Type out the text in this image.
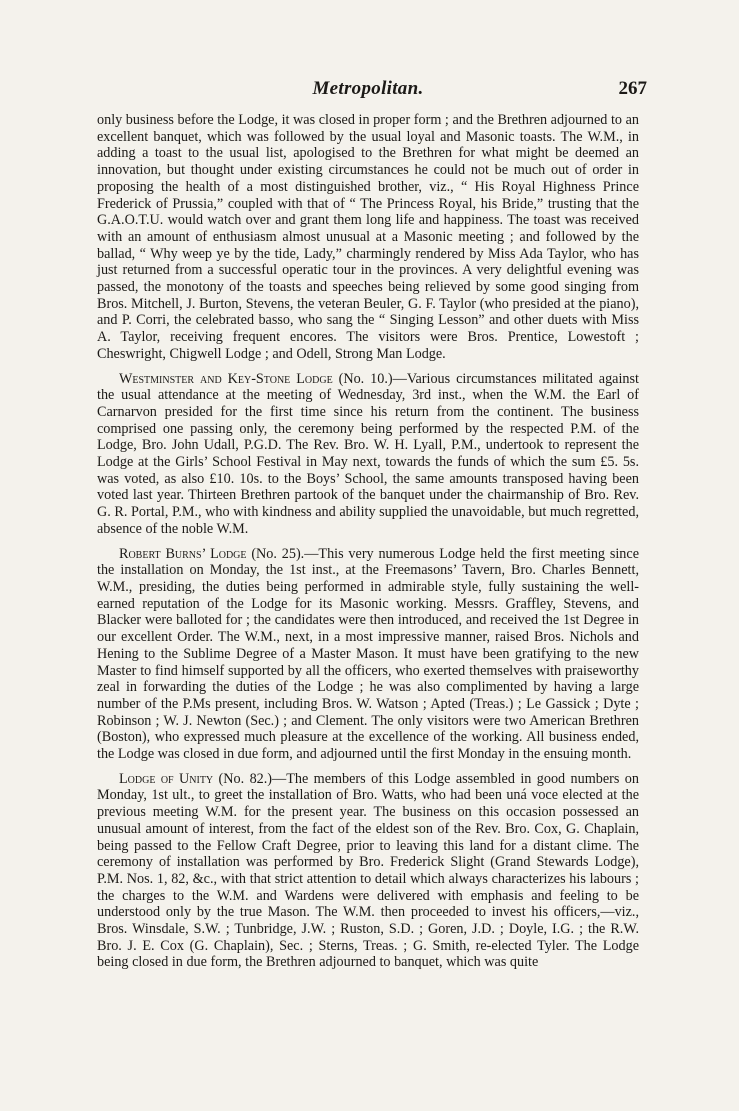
Metropolitan.	267

only business before the Lodge, it was closed in proper form ; and the Brethren adjourned to an excellent banquet, which was followed by the usual loyal and Masonic toasts. The W.M., in adding a toast to the usual list, apologised to the Brethren for what might be deemed an innovation, but thought under existing circumstances he could not be much out of order in proposing the health of a most distinguished brother, viz., “ His Royal Highness Prince Frederick of Prussia,” coupled with that of “ The Princess Royal, his Bride,” trusting that the G.A.O.T.U. would watch over and grant them long life and happiness. The toast was received with an amount of enthusiasm almost unusual at a Masonic meeting ; and followed by the ballad, “ Why weep ye by the tide, Lady,” charmingly rendered by Miss Ada Taylor, who has just returned from a successful operatic tour in the provinces. A very delightful evening was passed, the monotony of the toasts and speeches being relieved by some good singing from Bros. Mitchell, J. Burton, Stevens, the veteran Beuler, G. F. Taylor (who presided at the piano), and P. Corri, the celebrated basso, who sang the “ Singing Lesson” and other duets with Miss A. Taylor, receiving frequent encores. The visitors were Bros. Prentice, Lowestoft ; Cheswright, Chigwell Lodge ; and Odell, Strong Man Lodge.

Westminster and Key-Stone Lodge (No. 10.)—Various circumstances militated against the usual attendance at the meeting of Wednesday, 3rd inst., when the W.M. the Earl of Carnarvon presided for the first time since his return from the continent. The business comprised one passing only, the ceremony being performed by the respected P.M. of the Lodge, Bro. John Udall, P.G.D. The Rev. Bro. W. H. Lyall, P.M., undertook to represent the Lodge at the Girls’ School Festival in May next, towards the funds of which the sum £5. 5s. was voted, as also £10. 10s. to the Boys’ School, the same amounts transposed having been voted last year. Thirteen Brethren partook of the banquet under the chairmanship of Bro. Rev. G. R. Portal, P.M., who with kindness and ability supplied the unavoidable, but much regretted, absence of the noble W.M.

Robert Burns’ Lodge (No. 25).—This very numerous Lodge held the first meeting since the installation on Monday, the 1st inst., at the Freemasons’ Tavern, Bro. Charles Bennett, W.M., presiding, the duties being performed in admirable style, fully sustaining the well-earned reputation of the Lodge for its Masonic working. Messrs. Graffley, Stevens, and Blacker were balloted for ; the candidates were then introduced, and received the 1st Degree in our excellent Order. The W.M., next, in a most impressive manner, raised Bros. Nichols and Hening to the Sublime Degree of a Master Mason. It must have been gratifying to the new Master to find himself supported by all the officers, who exerted themselves with praiseworthy zeal in forwarding the duties of the Lodge ; he was also complimented by having a large number of the P.Ms present, including Bros. W. Watson ; Apted (Treas.) ; Le Gassick ; Dyte ; Robinson ; W. J. Newton (Sec.) ; and Clement. The only visitors were two American Brethren (Boston), who expressed much pleasure at the excellence of the working. All business ended, the Lodge was closed in due form, and adjourned until the first Monday in the ensuing month.

Lodge of Unity (No. 82.)—The members of this Lodge assembled in good numbers on Monday, 1st ult., to greet the installation of Bro. Watts, who had been uná voce elected at the previous meeting W.M. for the present year. The business on this occasion possessed an unusual amount of interest, from the fact of the eldest son of the Rev. Bro. Cox, G. Chaplain, being passed to the Fellow Craft Degree, prior to leaving this land for a distant clime. The ceremony of installation was performed by Bro. Frederick Slight (Grand Stewards Lodge), P.M. Nos. 1, 82, &c., with that strict attention to detail which always characterizes his labours ; the charges to the W.M. and Wardens were delivered with emphasis and feeling to be understood only by the true Mason. The W.M. then proceeded to invest his officers,—viz., Bros. Winsdale, S.W. ; Tunbridge, J.W. ; Ruston, S.D. ; Goren, J.D. ; Doyle, I.G. ; the R.W. Bro. J. E. Cox (G. Chaplain), Sec. ; Sterns, Treas. ; G. Smith, re-elected Tyler. The Lodge being closed in due form, the Brethren adjourned to banquet, which was quite
